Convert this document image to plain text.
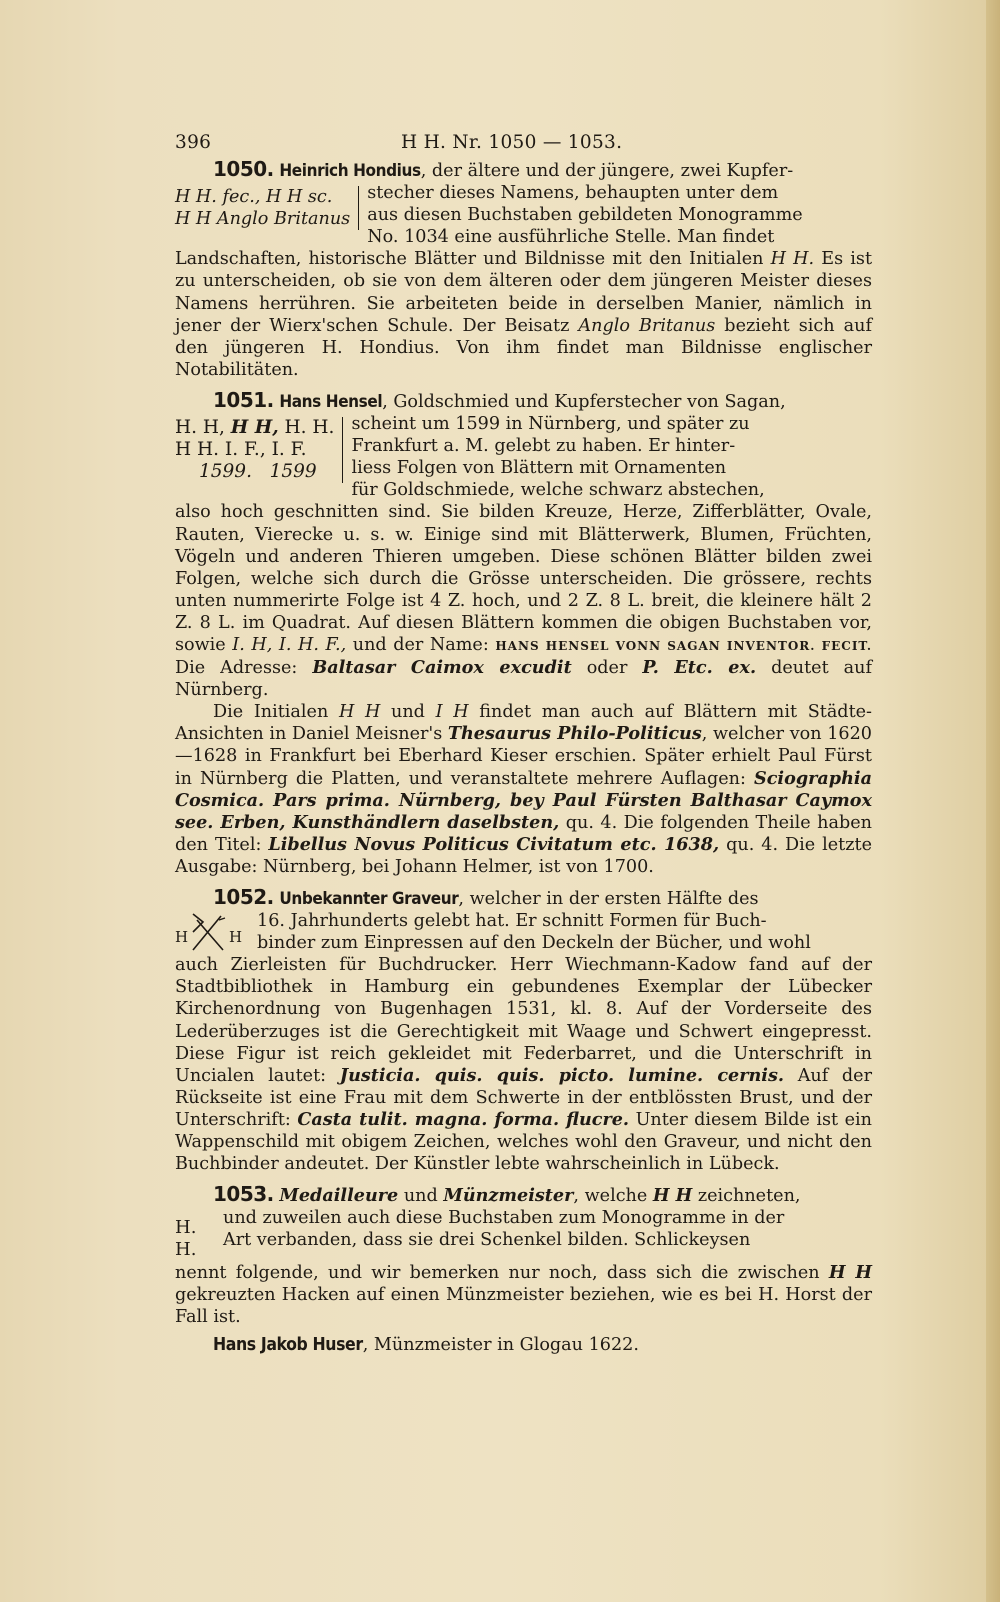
396	H H. Nr. 1050 — 1053.

1050. Heinrich Hondius, der ältere und der jüngere, zwei Kupfer-

H H. fec., H H sc.
H H Anglo Britanus

stecher dieses Namens, behaupten unter dem

aus diesen Buchstaben gebildeten Monogramme

No. 1034 eine ausführliche Stelle. Man findet

Landschaften, historische Blätter und Bildnisse mit den Initialen H H. Es ist zu unterscheiden, ob sie von dem älteren oder dem jüngeren Meister dieses Namens herrühren. Sie arbeiteten beide in derselben Manier, nämlich in jener der Wierx'schen Schule. Der Beisatz Anglo Britanus bezieht sich auf den jüngeren H. Hondius. Von ihm findet man Bildnisse englischer Notabilitäten.

1051. Hans Hensel, Goldschmied und Kupferstecher von Sagan,

H. H, H H, H. H.
H H. I. F., I. F.
1599.   1599

scheint um 1599 in Nürnberg, und später zu

Frankfurt a. M. gelebt zu haben. Er hinter-

liess Folgen von Blättern mit Ornamenten

für Goldschmiede, welche schwarz abstechen,

also hoch geschnitten sind. Sie bilden Kreuze, Herze, Zifferblätter, Ovale, Rauten, Vierecke u. s. w. Einige sind mit Blätterwerk, Blumen, Früchten, Vögeln und anderen Thieren umgeben. Diese schönen Blätter bilden zwei Folgen, welche sich durch die Grösse unterscheiden. Die grössere, rechts unten nummerirte Folge ist 4 Z. hoch, und 2 Z. 8 L. breit, die kleinere hält 2 Z. 8 L. im Quadrat. Auf diesen Blättern kommen die obigen Buchstaben vor, sowie I. H, I. H. F., und der Name: HANS HENSEL VONN SAGAN INVENTOR. FECIT. Die Adresse: Baltasar Caimox excudit oder P. Etc. ex. deutet auf Nürnberg.

Die Initialen H H und I H findet man auch auf Blättern mit Städte-Ansichten in Daniel Meisner's Thesaurus Philo-Politicus, welcher von 1620—1628 in Frankfurt bei Eberhard Kieser erschien. Später erhielt Paul Fürst in Nürnberg die Platten, und veranstaltete mehrere Auflagen: Sciographia Cosmica. Pars prima. Nürnberg, bey Paul Fürsten Balthasar Caymox see. Erben, Kunsthändlern daselbsten, qu. 4. Die folgenden Theile haben den Titel: Libellus Novus Politicus Civitatum etc. 1638, qu. 4. Die letzte Ausgabe: Nürnberg, bei Johann Helmer, ist von 1700.

1052. Unbekannter Graveur, welcher in der ersten Hälfte des

H	H

16. Jahrhunderts gelebt hat. Er schnitt Formen für Buch-

binder zum Einpressen auf den Deckeln der Bücher, und wohl

auch Zierleisten für Buchdrucker. Herr Wiechmann-Kadow fand auf der Stadtbibliothek in Hamburg ein gebundenes Exemplar der Lübecker Kirchenordnung von Bugenhagen 1531, kl. 8. Auf der Vorderseite des Lederüberzuges ist die Gerechtigkeit mit Waage und Schwert eingepresst. Diese Figur ist reich gekleidet mit Federbarret, und die Unterschrift in Uncialen lautet: Justicia. quis. quis. picto. lumine. cernis. Auf der Rückseite ist eine Frau mit dem Schwerte in der entblössten Brust, und der Unterschrift: Casta tulit. magna. forma. flucre. Unter diesem Bilde ist ein Wappenschild mit obigem Zeichen, welches wohl den Graveur, und nicht den Buchbinder andeutet. Der Künstler lebte wahrscheinlich in Lübeck.

1053. Medailleure und Münzmeister, welche H H zeichneten,

H. H.

und zuweilen auch diese Buchstaben zum Monogramme in der

Art verbanden, dass sie drei Schenkel bilden. Schlickeysen

nennt folgende, und wir bemerken nur noch, dass sich die zwischen H H gekreuzten Hacken auf einen Münzmeister beziehen, wie es bei H. Horst der Fall ist.

Hans Jakob Huser, Münzmeister in Glogau 1622.
